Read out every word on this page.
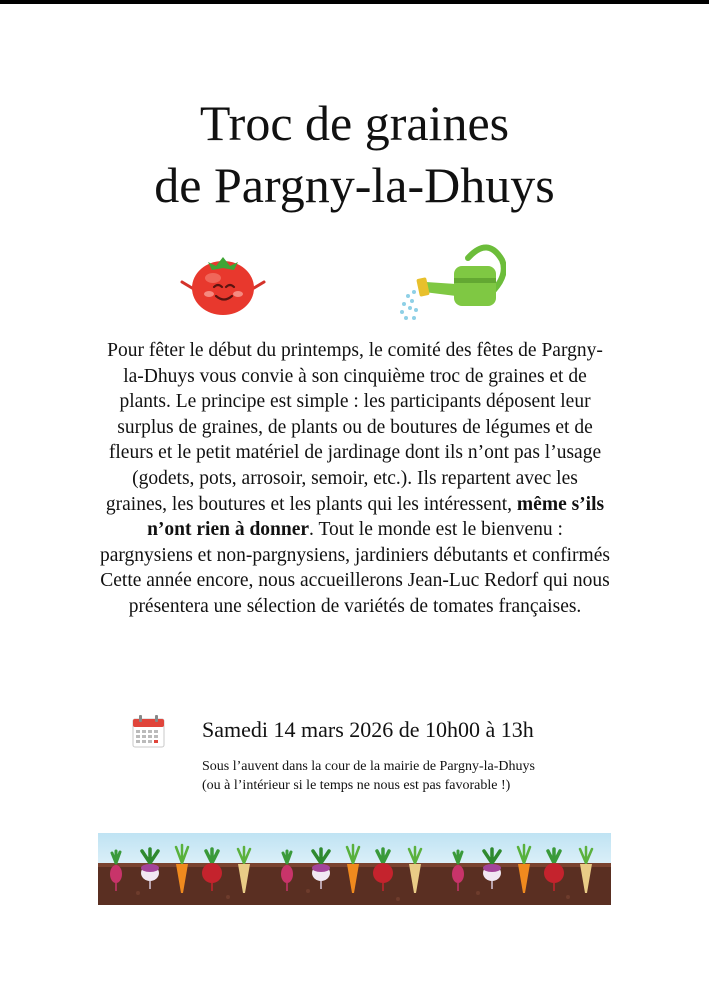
Troc de graines
de Pargny-la-Dhuys
Pour fêter le début du printemps, le comité des fêtes de Pargny-la-Dhuys vous convie à son cinquième troc de graines et de plants. Le principe est simple : les participants déposent leur surplus de graines, de plants ou de boutures de légumes et de fleurs et le petit matériel de jardinage dont ils n’ont pas l’usage (godets, pots, arrosoir, semoir, etc.). Ils repartent avec les graines, les boutures et les plants qui les intéressent, même s’ils n’ont rien à donner. Tout le monde est le bienvenu : pargnysiens et non-pargnysiens, jardiniers débutants et confirmés
Cette année encore, nous accueillerons Jean-Luc Redorf qui nous présentera une sélection de variétés de tomates françaises.
Samedi 14 mars 2026 de 10h00 à 13h
Sous l’auvent dans la cour de la mairie de Pargny-la-Dhuys
(ou à l’intérieur si le temps ne nous est pas favorable !)
